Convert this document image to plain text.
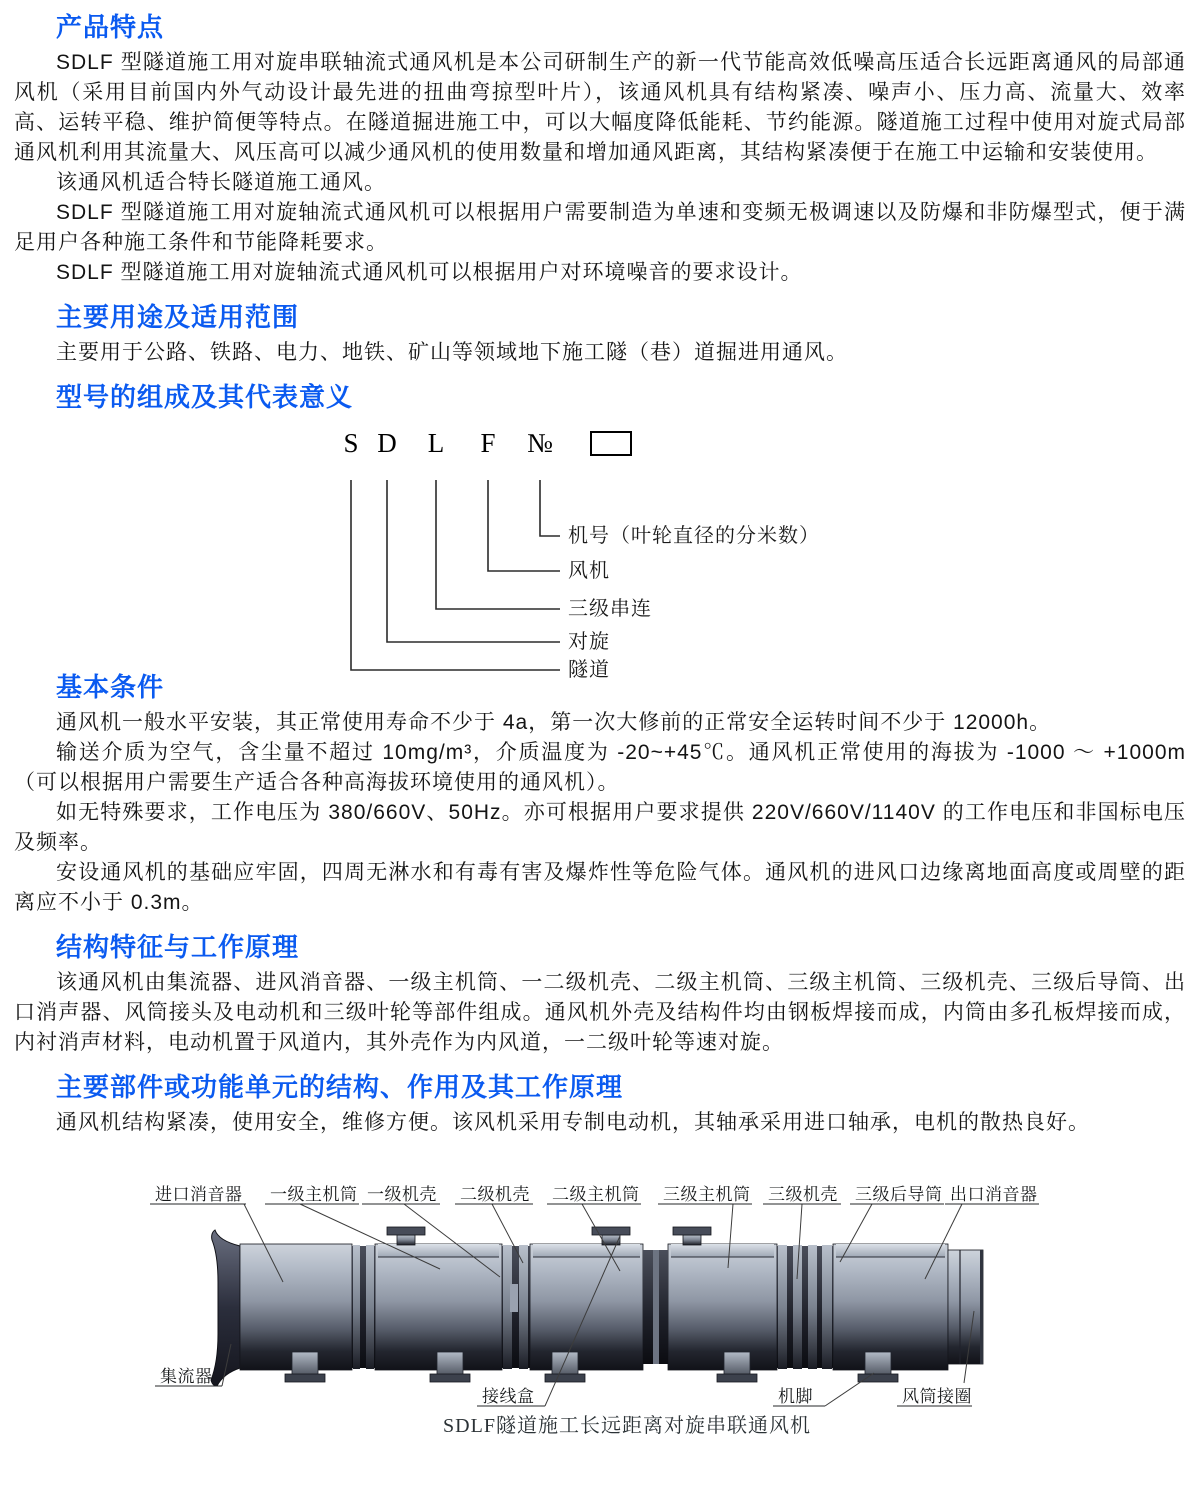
产品特点

SDLF 型隧道施工用对旋串联轴流式通风机是本公司研制生产的新一代节能高效低噪高压适合长远距离通风的局部通风机（采用目前国内外气动设计最先进的扭曲弯掠型叶片），该通风机具有结构紧凑、噪声小、压力高、流量大、效率高、运转平稳、维护简便等特点。在隧道掘进施工中，可以大幅度降低能耗、节约能源。隧道施工过程中使用对旋式局部通风机利用其流量大、风压高可以减少通风机的使用数量和增加通风距离，其结构紧凑便于在施工中运输和安装使用。

该通风机适合特长隧道施工通风。

SDLF 型隧道施工用对旋轴流式通风机可以根据用户需要制造为单速和变频无极调速以及防爆和非防爆型式，便于满足用户各种施工条件和节能降耗要求。

SDLF 型隧道施工用对旋轴流式通风机可以根据用户对环境噪音的要求设计。

主要用途及适用范围

主要用于公路、铁路、电力、地铁、矿山等领域地下施工隧（巷）道掘进用通风。

型号的组成及其代表意义
S D L F №
机号（叶轮直径的分米数）
风机
三级串连
对旋
隧道
基本条件

通风机一般水平安装，其正常使用寿命不少于 4a，第一次大修前的正常安全运转时间不少于 12000h。

输送介质为空气，含尘量不超过 10mg/m³，介质温度为 -20~+45℃。通风机正常使用的海拔为 -1000 ～ +1000m（可以根据用户需要生产适合各种高海拔环境使用的通风机）。

如无特殊要求，工作电压为 380/660V、50Hz。亦可根据用户要求提供 220V/660V/1140V 的工作电压和非国标电压及频率。

安设通风机的基础应牢固，四周无淋水和有毒有害及爆炸性等危险气体。通风机的进风口边缘离地面高度或周壁的距离应不小于 0.3m。

结构特征与工作原理

该通风机由集流器、进风消音器、一级主机筒、一二级机壳、二级主机筒、三级主机筒、三级机壳、三级后导筒、出口消声器、风筒接头及电动机和三级叶轮等部件组成。通风机外壳及结构件均由钢板焊接而成，内筒由多孔板焊接而成，内衬消声材料，电动机置于风道内，其外壳作为内风道，一二级叶轮等速对旋。

主要部件或功能单元的结构、作用及其工作原理

通风机结构紧凑，使用安全，维修方便。该风机采用专制电动机，其轴承采用进口轴承，电机的散热良好。

进口消音器 一级主机筒 一级机壳 二级机壳 二级主机筒 三级主机筒 三级机壳 三级后导筒 出口消音器
集流器
接线盒	机脚	风筒接圈
SDLF隧道施工长远距离对旋串联通风机
